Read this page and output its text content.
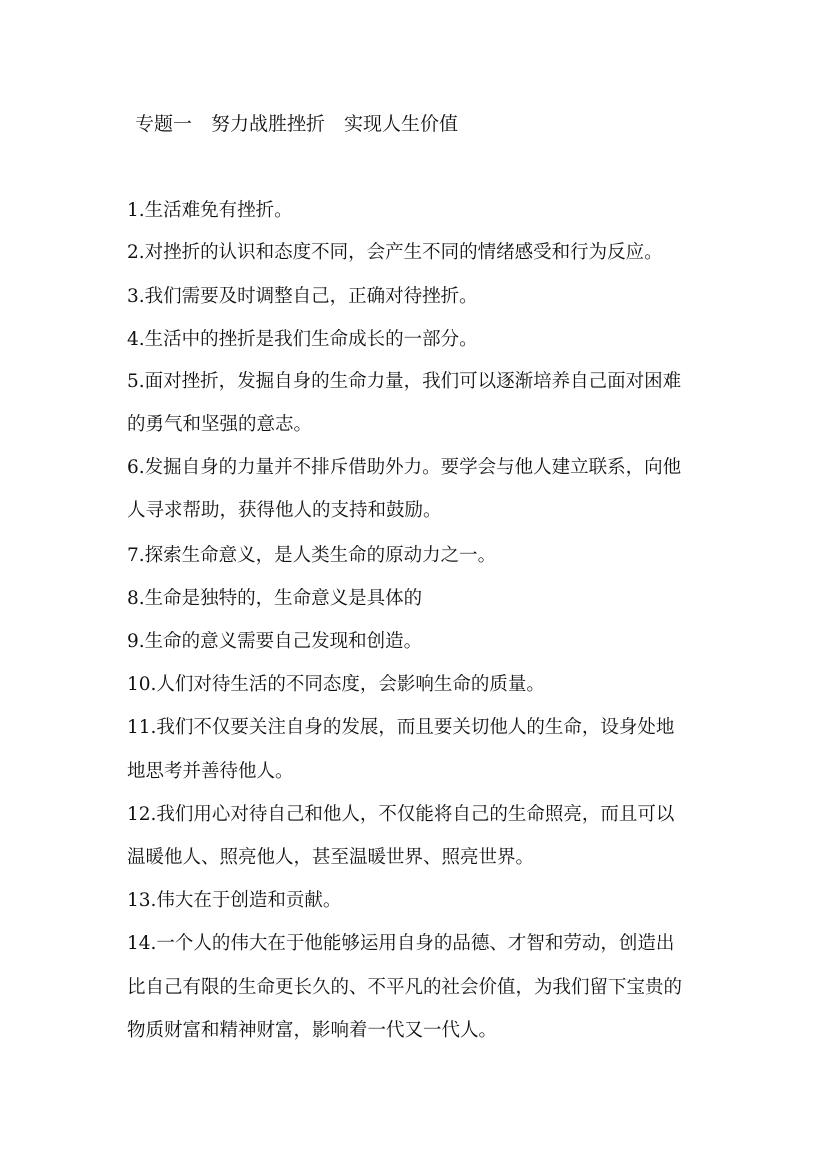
专题一　努力战胜挫折　实现人生价值
1.生活难免有挫折。
2.对挫折的认识和态度不同，会产生不同的情绪感受和行为反应。
3.我们需要及时调整自己，正确对待挫折。
4.生活中的挫折是我们生命成长的一部分。
5.面对挫折，发掘自身的生命力量，我们可以逐渐培养自己面对困难
的勇气和坚强的意志。
6.发掘自身的力量并不排斥借助外力。要学会与他人建立联系，向他
人寻求帮助，获得他人的支持和鼓励。
7.探索生命意义，是人类生命的原动力之一。
8.生命是独特的，生命意义是具体的
9.生命的意义需要自己发现和创造。
10.人们对待生活的不同态度，会影响生命的质量。
11.我们不仅要关注自身的发展，而且要关切他人的生命，设身处地
地思考并善待他人。
12.我们用心对待自己和他人，不仅能将自己的生命照亮，而且可以
温暖他人、照亮他人，甚至温暖世界、照亮世界。
13.伟大在于创造和贡献。
14.一个人的伟大在于他能够运用自身的品德、才智和劳动，创造出
比自己有限的生命更长久的、不平凡的社会价值，为我们留下宝贵的
物质财富和精神财富，影响着一代又一代人。
